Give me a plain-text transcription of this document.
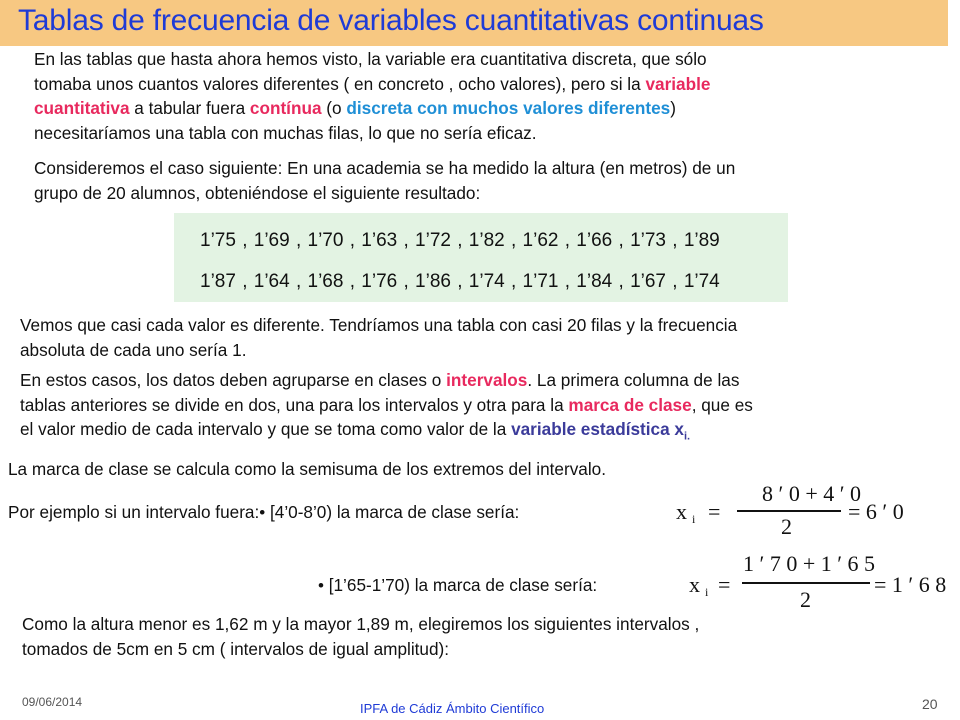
Tablas de frecuencia de variables cuantitativas continuas
En las tablas que hasta ahora hemos visto, la variable era cuantitativa discreta, que sólo
tomaba unos cuantos valores diferentes ( en concreto , ocho valores), pero si la variable
cuantitativa a tabular fuera contínua (o discreta con muchos valores diferentes)
necesitaríamos una tabla con muchas filas, lo que no sería eficaz.
Consideremos el caso siguiente: En una academia se ha medido la altura (en metros) de un
grupo de 20 alumnos, obteniéndose el siguiente resultado:
1’75 , 1’69 , 1’70 , 1’63 , 1’72 , 1’82 , 1’62 , 1’66 , 1’73 , 1’89
1’87 , 1’64 , 1’68 , 1’76 , 1’86 , 1’74 , 1’71 , 1’84 , 1’67 , 1’74
Vemos que casi cada valor es diferente. Tendríamos una tabla con casi 20 filas y la frecuencia
absoluta de cada uno sería 1.
En estos casos, los datos deben agruparse en clases o intervalos. La primera columna de las
tablas anteriores se divide en dos, una para los intervalos y otra para la marca de clase, que es
el valor medio de cada intervalo y que se toma como valor de la variable estadística $x_{i.}$
La marca de clase se calcula como la semisuma de los extremos del intervalo.
Por ejemplo si un intervalo fuera:• [4’0-8’0) la marca de clase sería:	x i =
8 ′ 0 + 4 ′ 0
2
= 6 ′ 0
• [1’65-1’70) la marca de clase sería:	x i =
1 ′ 7 0 + 1 ′ 6 5
2
= 1 ′ 6 8
Como la altura menor es 1,62 m y la mayor 1,89 m, elegiremos los siguientes intervalos ,
tomados de 5cm en 5 cm ( intervalos de igual amplitud):
09/06/2014	IPFA de Cádiz Ámbito Científico	20
